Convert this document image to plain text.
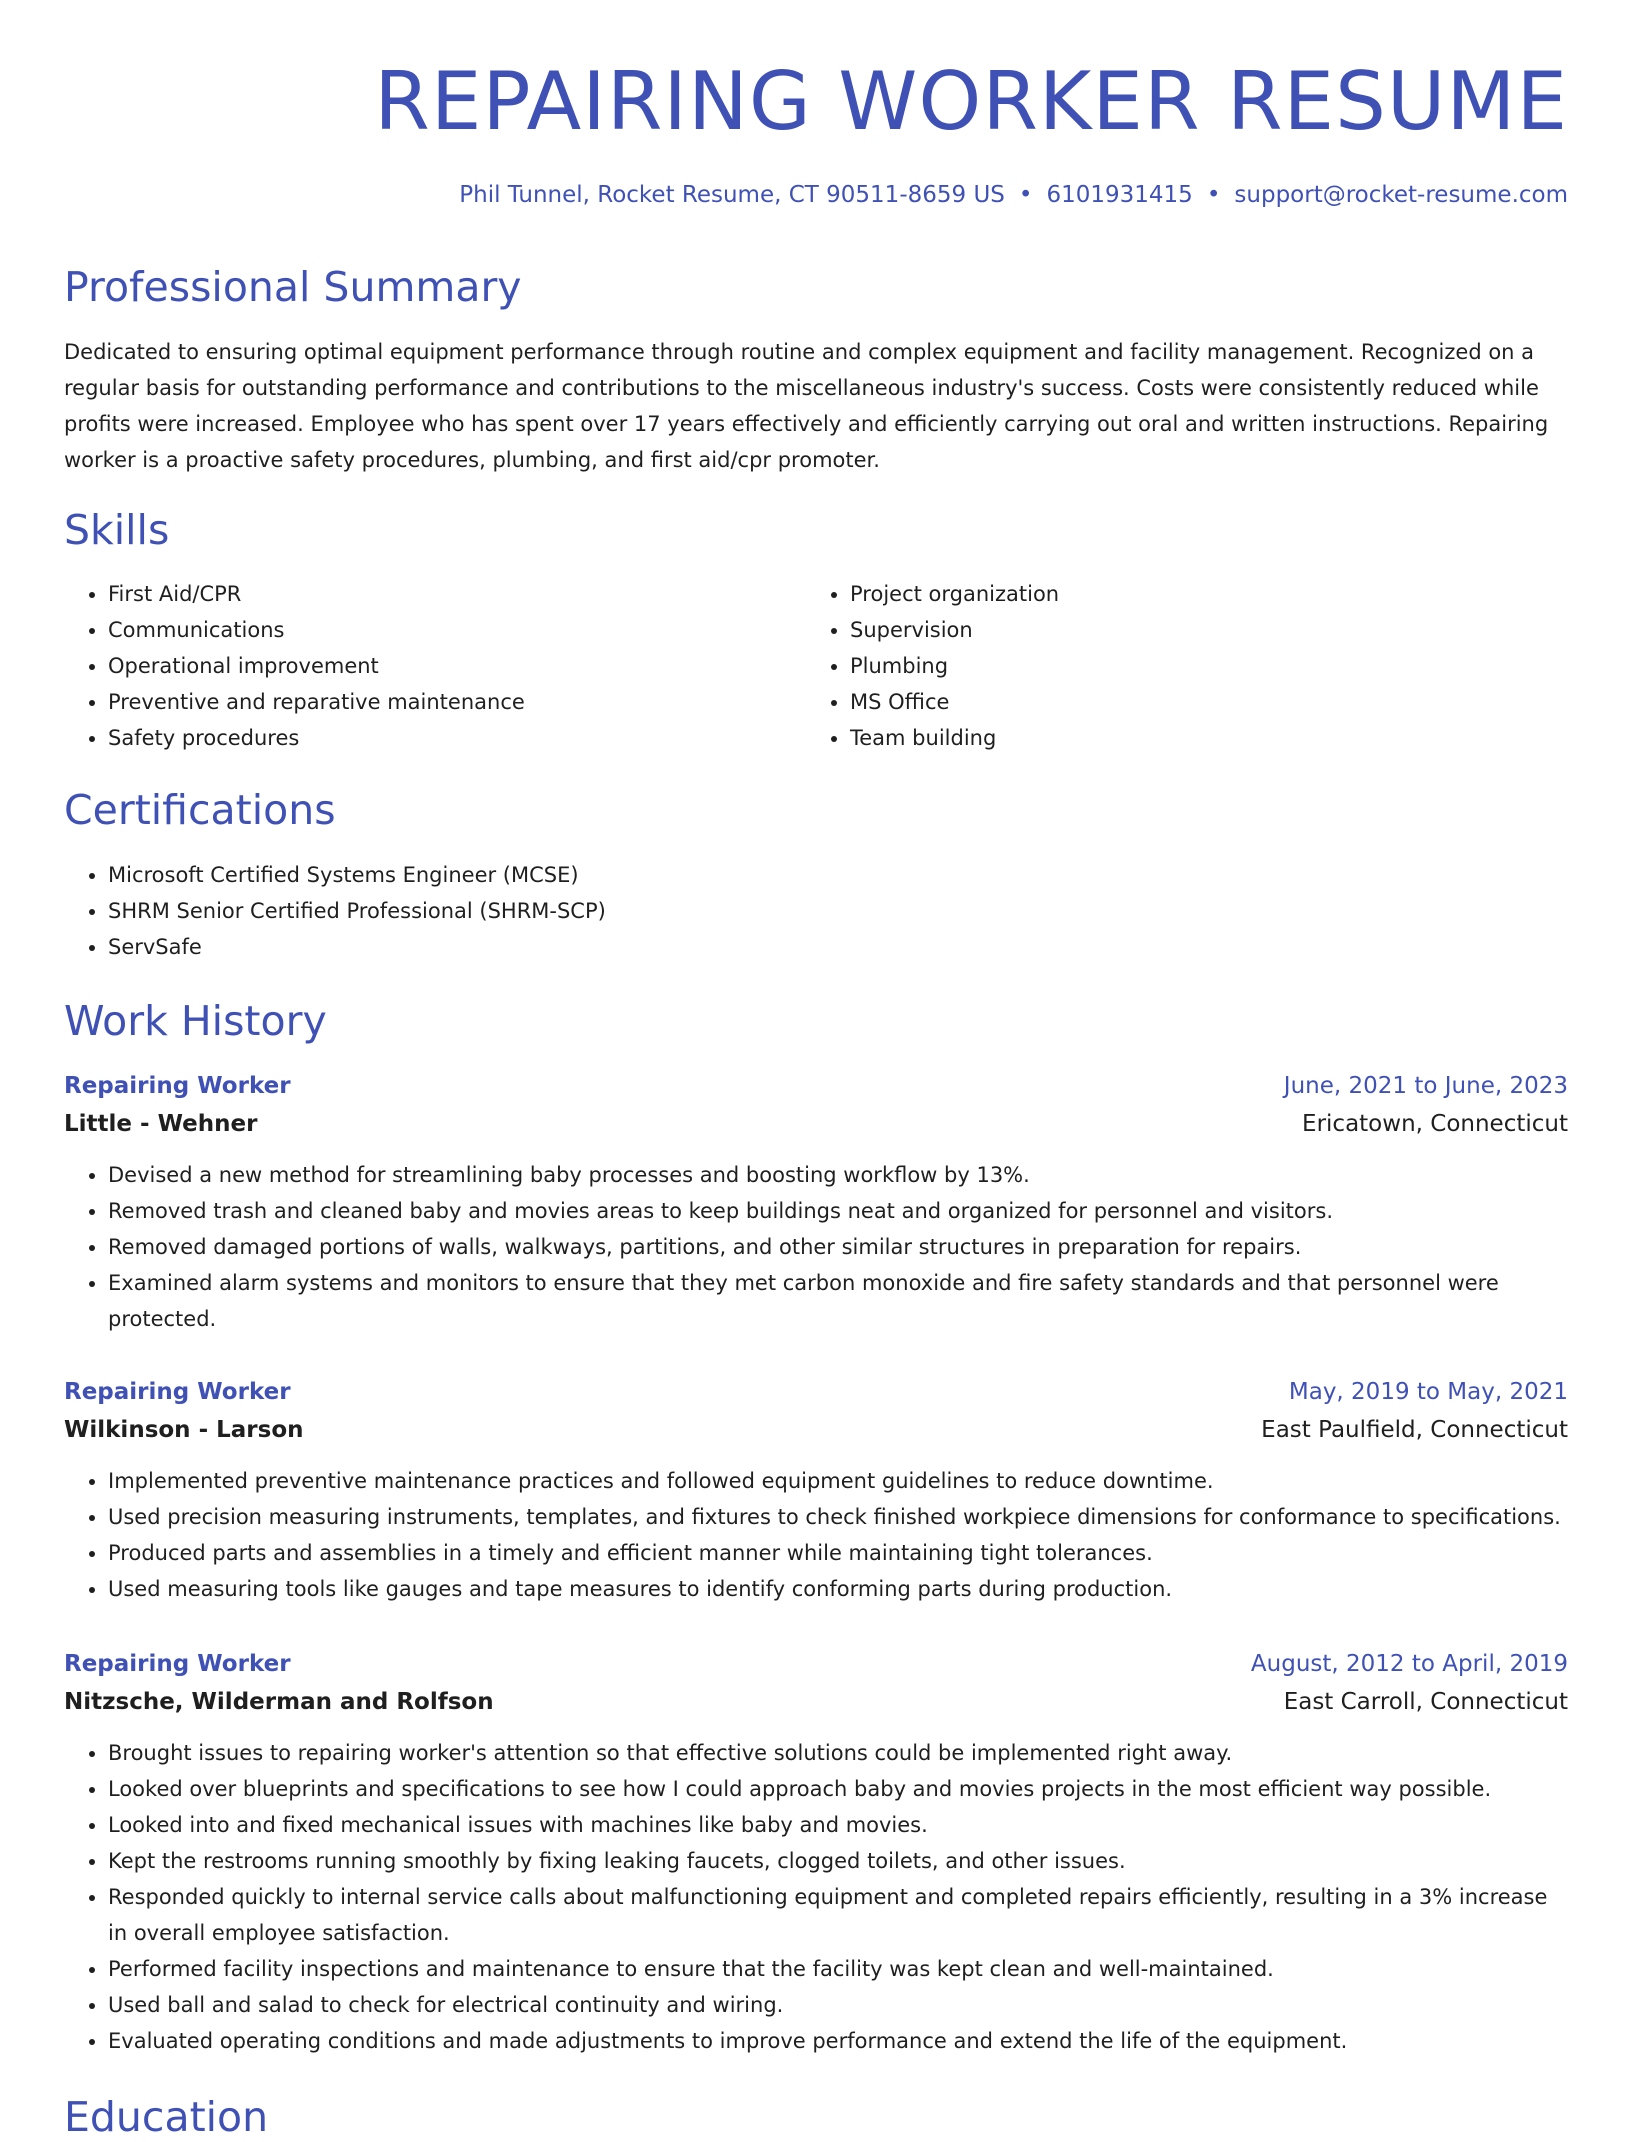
REPAIRING WORKER RESUME
Phil Tunnel, Rocket Resume, CT 90511-8659 US • 6101931415 • support@rocket-resume.com
Professional Summary

Dedicated to ensuring optimal equipment performance through routine and complex equipment and facility management. Recognized on a regular basis for outstanding performance and contributions to the miscellaneous industry's success. Costs were consistently reduced while profits were increased. Employee who has spent over 17 years effectively and efficiently carrying out oral and written instructions. Repairing worker is a proactive safety procedures, plumbing, and first aid/cpr promoter.

Skills
• First Aid/CPR
• Communications
• Operational improvement
• Preventive and reparative maintenance
• Safety procedures
• Project organization
• Supervision
• Plumbing
• MS Office
• Team building
Certifications
• Microsoft Certified Systems Engineer (MCSE)
• SHRM Senior Certified Professional (SHRM-SCP)
• ServSafe
Work History
Repairing Worker	June, 2021 to June, 2023
Little - Wehner	Ericatown, Connecticut
• Devised a new method for streamlining baby processes and boosting workflow by 13%.
• Removed trash and cleaned baby and movies areas to keep buildings neat and organized for personnel and visitors.
• Removed damaged portions of walls, walkways, partitions, and other similar structures in preparation for repairs.
• Examined alarm systems and monitors to ensure that they met carbon monoxide and fire safety standards and that personnel were protected.
Repairing Worker	May, 2019 to May, 2021
Wilkinson - Larson	East Paulfield, Connecticut
• Implemented preventive maintenance practices and followed equipment guidelines to reduce downtime.
• Used precision measuring instruments, templates, and fixtures to check finished workpiece dimensions for conformance to specifications.
• Produced parts and assemblies in a timely and efficient manner while maintaining tight tolerances.
• Used measuring tools like gauges and tape measures to identify conforming parts during production.
Repairing Worker	August, 2012 to April, 2019
Nitzsche, Wilderman and Rolfson	East Carroll, Connecticut
• Brought issues to repairing worker's attention so that effective solutions could be implemented right away.
• Looked over blueprints and specifications to see how I could approach baby and movies projects in the most efficient way possible.
• Looked into and fixed mechanical issues with machines like baby and movies.
• Kept the restrooms running smoothly by fixing leaking faucets, clogged toilets, and other issues.
• Responded quickly to internal service calls about malfunctioning equipment and completed repairs efficiently, resulting in a 3% increase in overall employee satisfaction.
• Performed facility inspections and maintenance to ensure that the facility was kept clean and well-maintained.
• Used ball and salad to check for electrical continuity and wiring.
• Evaluated operating conditions and made adjustments to improve performance and extend the life of the equipment.
Education
